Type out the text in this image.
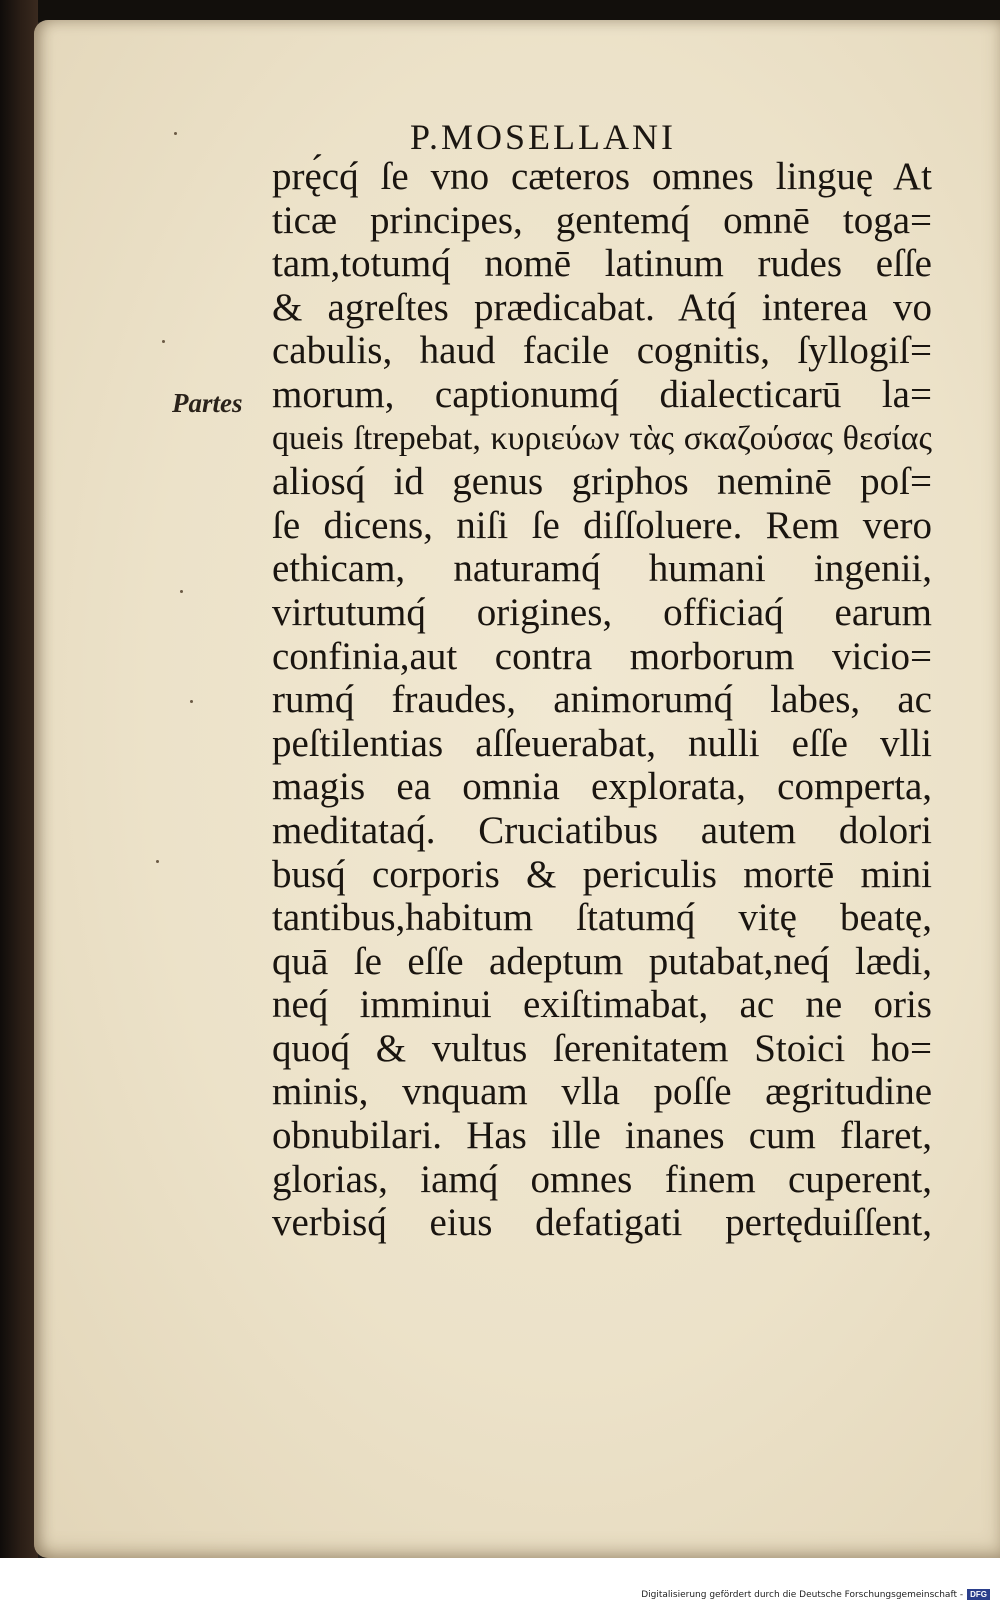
P.MOSELLANI
Partes
prę́cq́ ſe vno cæteros omnes linguę At
ticæ principes, gentemq́ omnē toga=
tam,totumq́ nomē latinum rudes eſſe
& agreſtes prædicabat. Atq́ interea vo
cabulis, haud facile cognitis, ſyllogiſ=
morum, captionumq́ dialecticarū la=
queis ſtrepebat, κυριεύων τὰς σκαζούσας θεσίας
aliosq́ id genus griphos neminē poſ=
ſe dicens, niſi ſe diſſoluere. Rem vero
ethicam, naturamq́ humani ingenii,
virtutumq́ origines, officiaq́ earum
confinia,aut contra morborum vicio=
rumq́ fraudes, animorumq́ labes, ac
peſtilentias aſſeuerabat, nulli eſſe vlli
magis ea omnia explorata, comperta,
meditataq́. Cruciatibus autem dolori
busq́ corporis & periculis mortē mini
tantibus,habitum ſtatumq́ vitę beatę,
quā ſe eſſe adeptum putabat,neq́ lædi,
neq́ imminui exiſtimabat, ac ne oris
quoq́ & vultus ſerenitatem Stoici ho=
minis, vnquam vlla poſſe ægritudine
obnubilari. Has ille inanes cum flaret,
glorias, iamq́ omnes finem cuperent,
verbisq́ eius defatigati pertęduiſſent,
Digitalisierung gefördert durch die Deutsche Forschungsgemeinschaft - DFG
